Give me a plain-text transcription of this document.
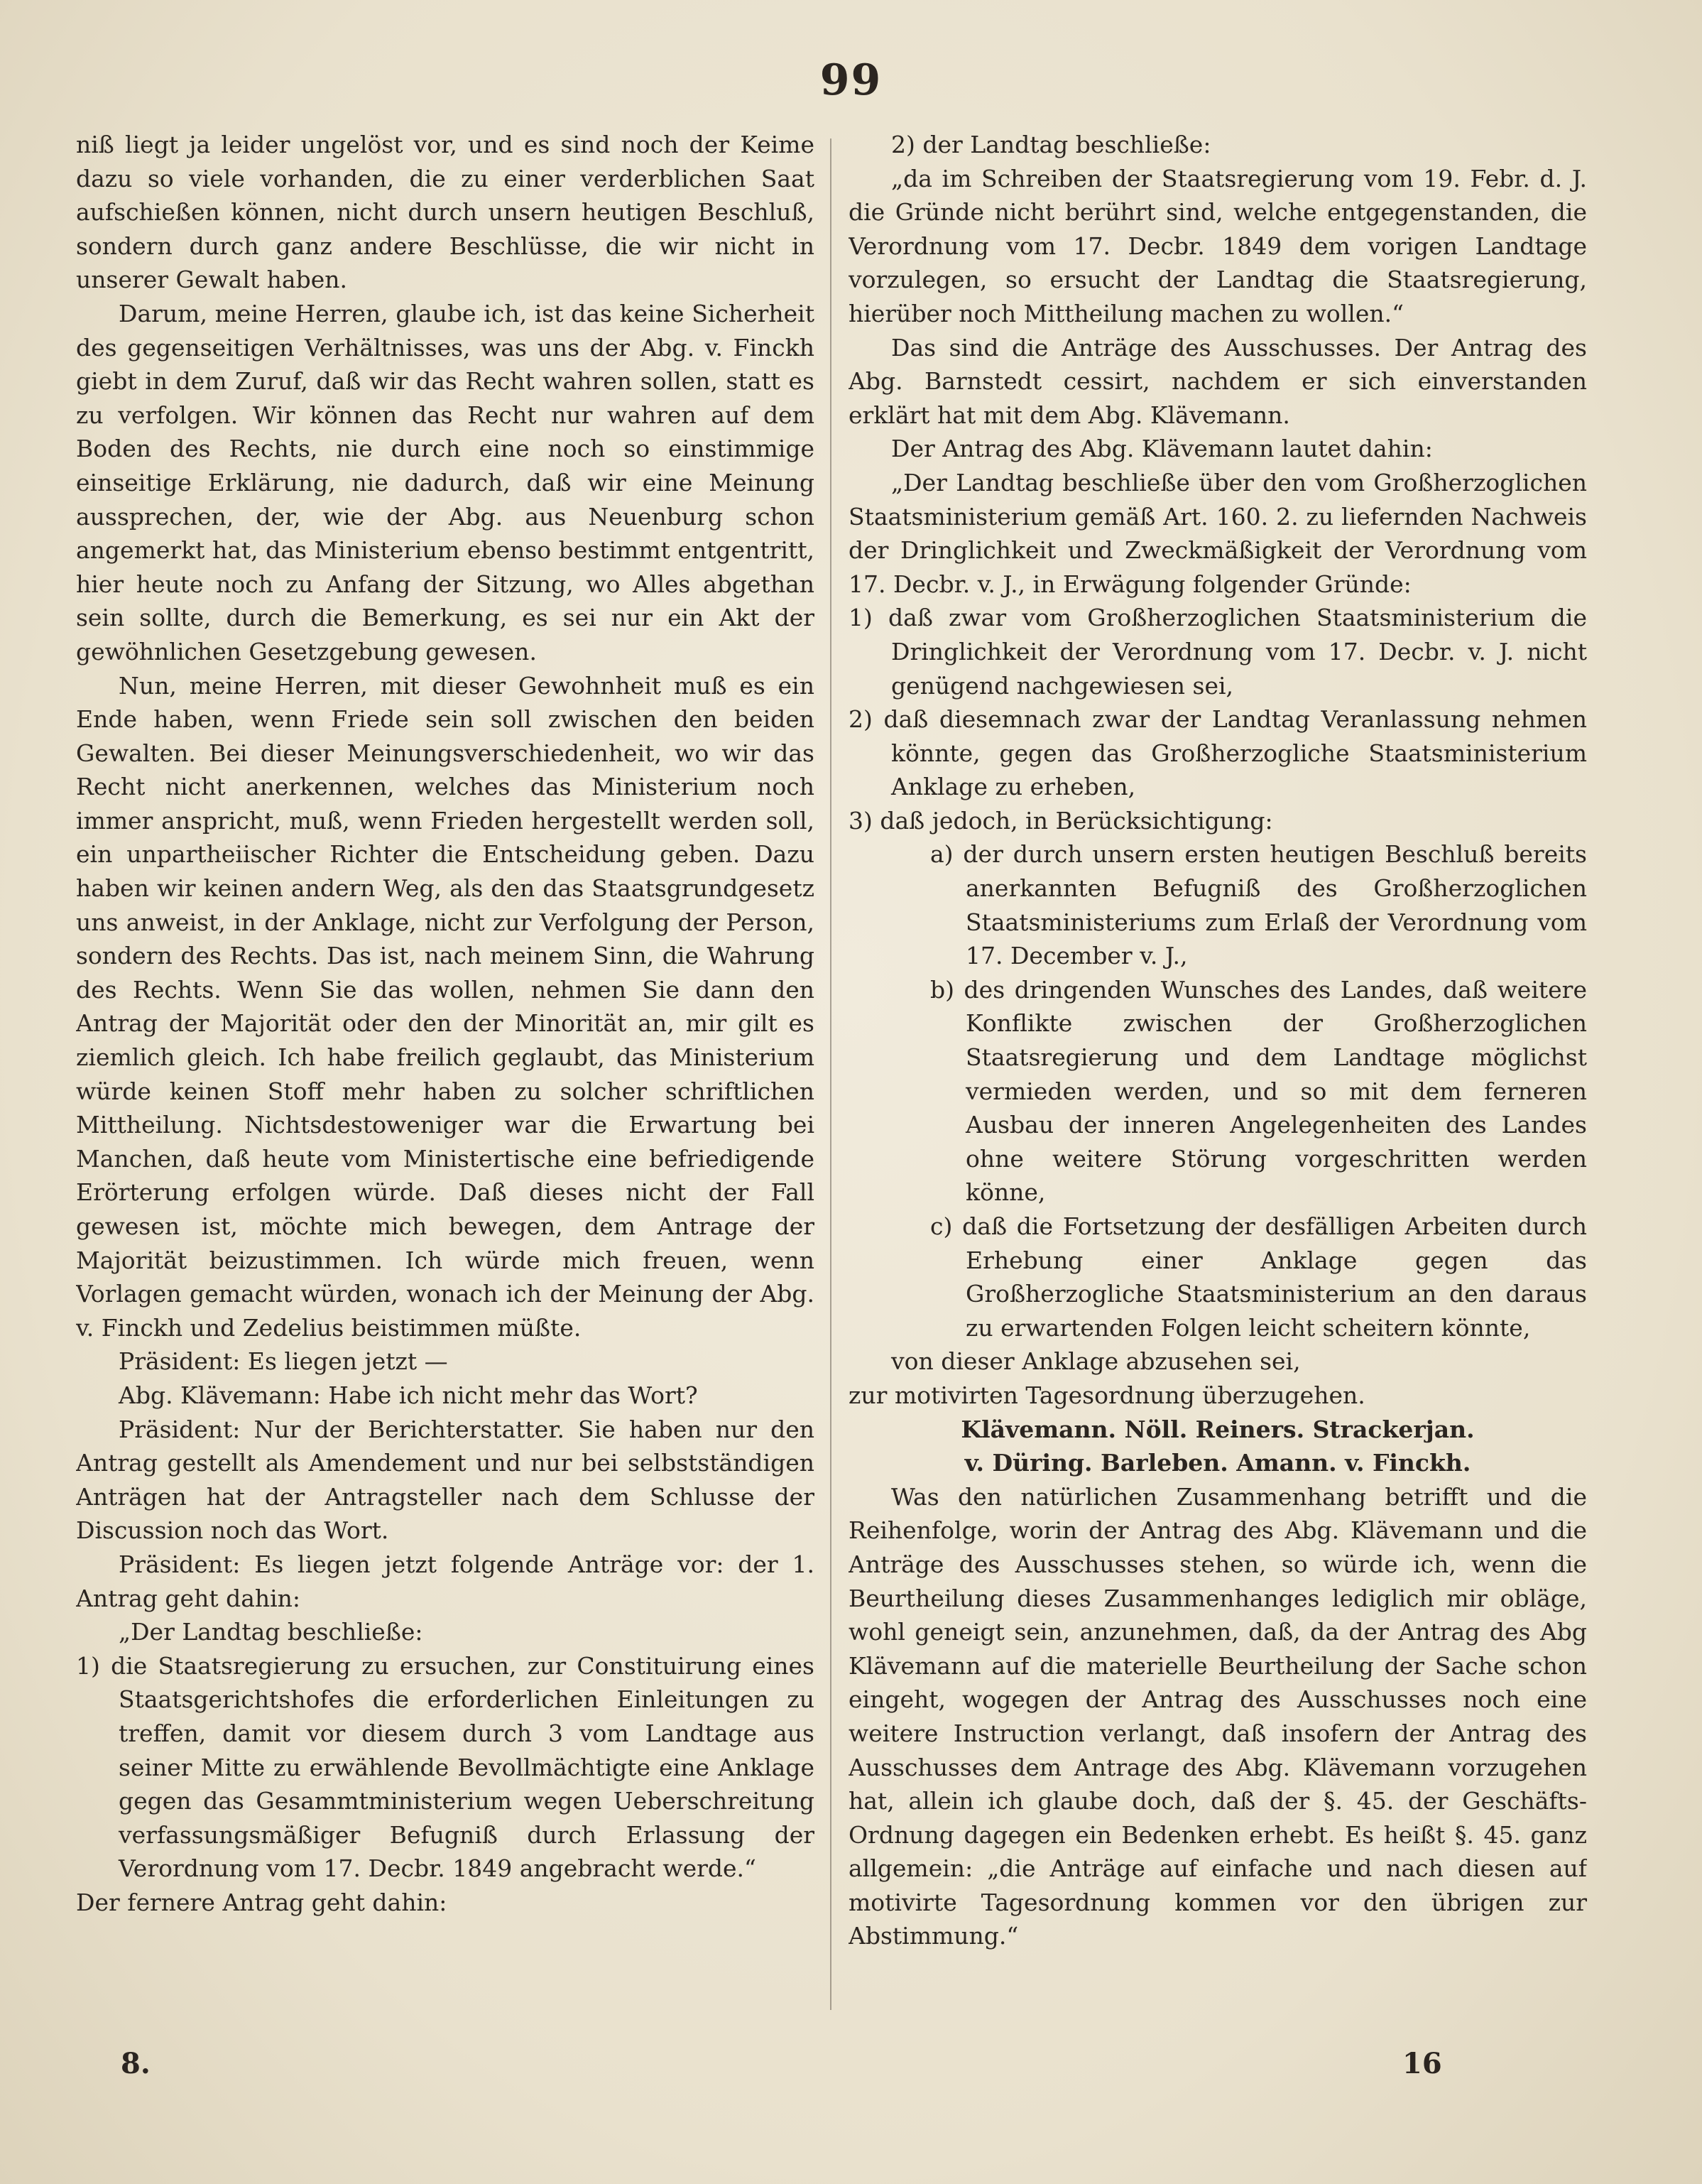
99

niß liegt ja leider ungelöst vor, und es sind noch der Keime dazu so viele vorhanden, die zu einer verderblichen Saat aufschießen können, nicht durch unsern heutigen Beschluß, sondern durch ganz andere Beschlüsse, die wir nicht in unserer Gewalt haben.

Darum, meine Herren, glaube ich, ist das keine Sicherheit des gegenseitigen Verhältnisses, was uns der Abg. v. Finckh giebt in dem Zuruf, daß wir das Recht wahren sollen, statt es zu verfolgen. Wir können das Recht nur wahren auf dem Boden des Rechts, nie durch eine noch so einstimmige einseitige Erklärung, nie dadurch, daß wir eine Meinung aussprechen, der, wie der Abg. aus Neuenburg schon angemerkt hat, das Ministerium ebenso bestimmt entgentritt, hier heute noch zu Anfang der Sitzung, wo Alles abgethan sein sollte, durch die Bemerkung, es sei nur ein Akt der gewöhnlichen Gesetzgebung gewesen.

Nun, meine Herren, mit dieser Gewohnheit muß es ein Ende haben, wenn Friede sein soll zwischen den beiden Gewalten. Bei dieser Meinungsverschiedenheit, wo wir das Recht nicht anerkennen, welches das Ministerium noch immer anspricht, muß, wenn Frieden hergestellt werden soll, ein unpartheiischer Richter die Entscheidung geben. Dazu haben wir keinen andern Weg, als den das Staatsgrundgesetz uns anweist, in der Anklage, nicht zur Verfolgung der Person, sondern des Rechts. Das ist, nach meinem Sinn, die Wahrung des Rechts. Wenn Sie das wollen, nehmen Sie dann den Antrag der Majorität oder den der Minorität an, mir gilt es ziemlich gleich. Ich habe freilich geglaubt, das Ministerium würde keinen Stoff mehr haben zu solcher schriftlichen Mittheilung. Nichtsdestoweniger war die Erwartung bei Manchen, daß heute vom Ministertische eine befriedigende Erörterung erfolgen würde. Daß dieses nicht der Fall gewesen ist, möchte mich bewegen, dem Antrage der Majorität beizustimmen. Ich würde mich freuen, wenn Vorlagen gemacht würden, wonach ich der Meinung der Abg. v. Finckh und Zedelius beistimmen müßte.

Präsident: Es liegen jetzt —

Abg. Klävemann: Habe ich nicht mehr das Wort?

Präsident: Nur der Berichterstatter. Sie haben nur den Antrag gestellt als Amendement und nur bei selbstständigen Anträgen hat der Antragsteller nach dem Schlusse der Discussion noch das Wort.

Präsident: Es liegen jetzt folgende Anträge vor: der 1. Antrag geht dahin:

„Der Landtag beschließe:

1) die Staatsregierung zu ersuchen, zur Constituirung eines Staatsgerichtshofes die erforderlichen Einleitungen zu treffen, damit vor diesem durch 3 vom Landtage aus seiner Mitte zu erwählende Bevollmächtigte eine Anklage gegen das Gesammtministerium wegen Ueberschreitung verfassungsmäßiger Befugniß durch Erlassung der Verordnung vom 17. Decbr. 1849 angebracht werde.“

Der fernere Antrag geht dahin:

2) der Landtag beschließe:

„da im Schreiben der Staatsregierung vom 19. Febr. d. J. die Gründe nicht berührt sind, welche entgegenstanden, die Verordnung vom 17. Decbr. 1849 dem vorigen Landtage vorzulegen, so ersucht der Landtag die Staatsregierung, hierüber noch Mittheilung machen zu wollen.“

Das sind die Anträge des Ausschusses. Der Antrag des Abg. Barnstedt cessirt, nachdem er sich einverstanden erklärt hat mit dem Abg. Klävemann.

Der Antrag des Abg. Klävemann lautet dahin:

„Der Landtag beschließe über den vom Großherzoglichen Staatsministerium gemäß Art. 160. 2. zu liefernden Nachweis der Dringlichkeit und Zweckmäßigkeit der Verordnung vom 17. Decbr. v. J., in Erwägung folgender Gründe:

1) daß zwar vom Großherzoglichen Staatsministerium die Dringlichkeit der Verordnung vom 17. Decbr. v. J. nicht genügend nachgewiesen sei,

2) daß diesemnach zwar der Landtag Veranlassung nehmen könnte, gegen das Großherzogliche Staatsministerium Anklage zu erheben,

3) daß jedoch, in Berücksichtigung:

a) der durch unsern ersten heutigen Beschluß bereits anerkannten Befugniß des Großherzoglichen Staatsministeriums zum Erlaß der Verordnung vom 17. December v. J.,

b) des dringenden Wunsches des Landes, daß weitere Konflikte zwischen der Großherzoglichen Staatsregierung und dem Landtage möglichst vermieden werden, und so mit dem ferneren Ausbau der inneren Angelegenheiten des Landes ohne weitere Störung vorgeschritten werden könne,

c) daß die Fortsetzung der desfälligen Arbeiten durch Erhebung einer Anklage gegen das Großherzogliche Staatsministerium an den daraus zu erwartenden Folgen leicht scheitern könnte,

von dieser Anklage abzusehen sei,

zur motivirten Tagesordnung überzugehen.

Klävemann. Nöll. Reiners. Strackerjan.

v. Düring. Barleben. Amann. v. Finckh.

Was den natürlichen Zusammenhang betrifft und die Reihenfolge, worin der Antrag des Abg. Klävemann und die Anträge des Ausschusses stehen, so würde ich, wenn die Beurtheilung dieses Zusammenhanges lediglich mir obläge, wohl geneigt sein, anzunehmen, daß, da der Antrag des Abg Klävemann auf die materielle Beurtheilung der Sache schon eingeht, wogegen der Antrag des Ausschusses noch eine weitere Instruction verlangt, daß insofern der Antrag des Ausschusses dem Antrage des Abg. Klävemann vorzugehen hat, allein ich glaube doch, daß der §. 45. der Geschäfts-Ordnung dagegen ein Bedenken erhebt. Es heißt §. 45. ganz allgemein: „die Anträge auf einfache und nach diesen auf motivirte Tagesordnung kommen vor den übrigen zur Abstimmung.“

8.	16
